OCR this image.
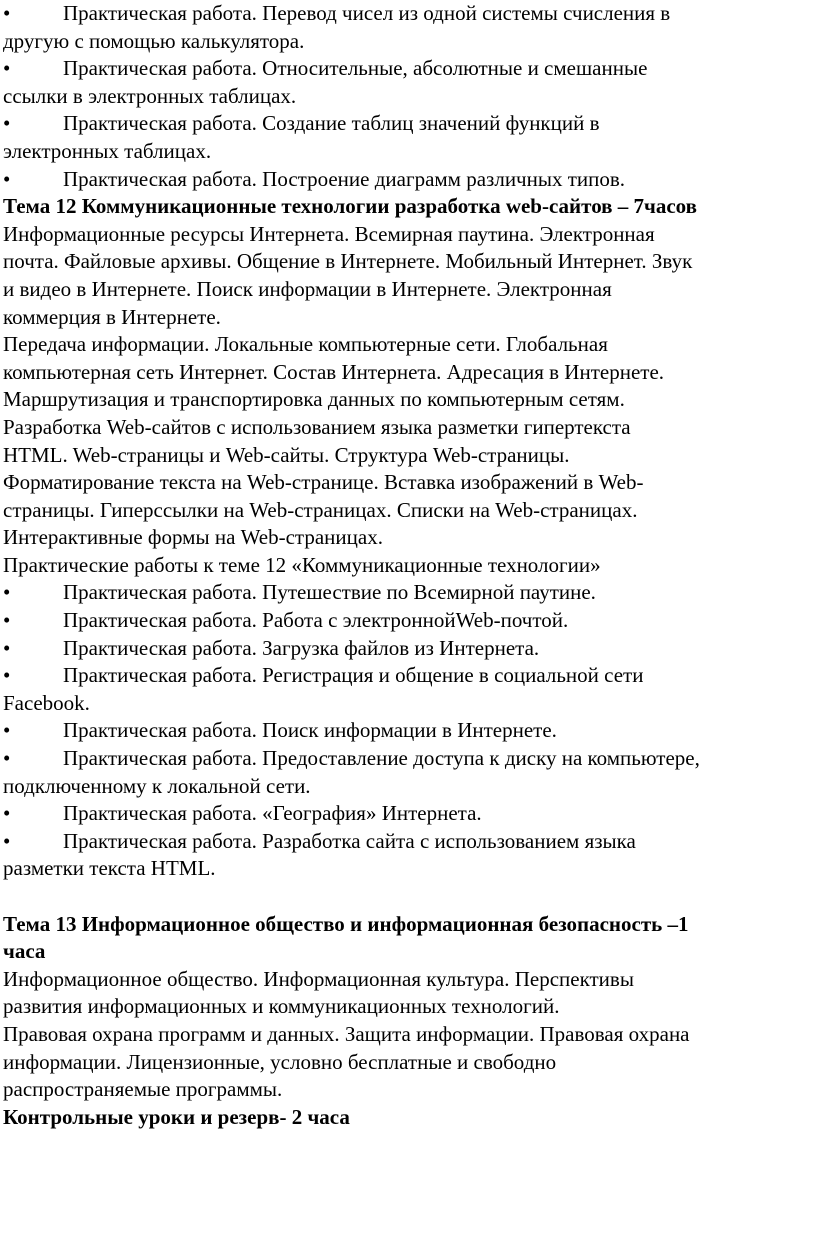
•	Практическая работа. Перевод чисел из одной системы счисления в
другую с помощью калькулятора.
•	Практическая работа. Относительные, абсолютные и смешанные
ссылки в электронных таблицах.
•	Практическая работа. Создание таблиц значений функций в
электронных таблицах.
•	Практическая работа. Построение диаграмм различных типов.
Тема 12 Коммуникационные технологии разработка web-сайтов – 7часов
Информационные ресурсы Интернета. Всемирная паутина. Электронная
почта. Файловые архивы. Общение в Интернете. Мобильный Интернет. Звук
и видео в Интернете. Поиск информации в Интернете. Электронная
коммерция в Интернете.
Передача информации. Локальные компьютерные сети. Глобальная
компьютерная сеть Интернет. Состав Интернета. Адресация в Интернете.
Маршрутизация и транспортировка данных по компьютерным сетям.
Разработка Web-сайтов с использованием языка разметки гипертекста
HTML. Web-страницы и Web-сайты. Структура Web-страницы.
Форматирование текста на Web-странице. Вставка изображений в Web-
страницы. Гиперссылки на Web-страницах. Списки на Web-страницах.
Интерактивные формы на Web-страницах.
Практические работы к теме 12 «Коммуникационные технологии»
•	Практическая работа. Путешествие по Всемирной паутине.
•	Практическая работа. Работа с электроннойWeb-почтой.
•	Практическая работа. Загрузка файлов из Интернета.
•	Практическая работа. Регистрация и общение в социальной сети
Facebook.
•	Практическая работа. Поиск информации в Интернете.
•	Практическая работа. Предоставление доступа к диску на компьютере,
подключенному к локальной сети.
•	Практическая работа. «География» Интернета.
•	Практическая работа. Разработка сайта с использованием языка
разметки текста HTML.
Тема 13 Информационное общество и информационная безопасность –1
часа
Информационное общество. Информационная культура. Перспективы
развития информационных и коммуникационных технологий.
Правовая охрана программ и данных. Защита информации. Правовая охрана
информации. Лицензионные, условно бесплатные и свободно
распространяемые программы.
Контрольные уроки и резерв- 2 часа
